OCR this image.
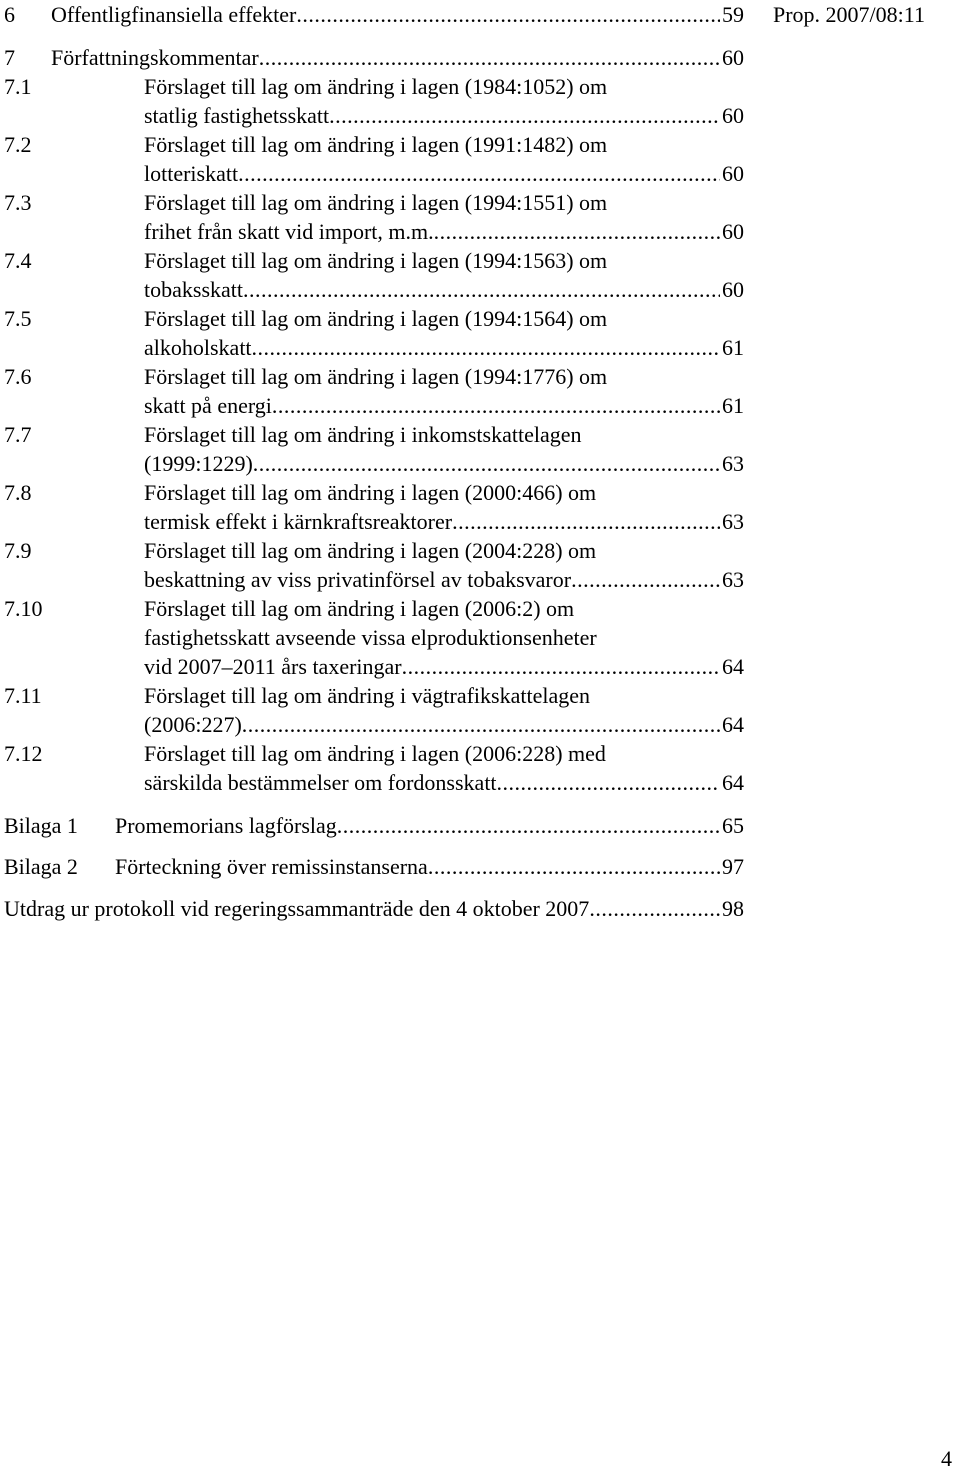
Prop. 2007/08:11
6 Offentligfinansiella effekter .....	59
7 Författningskommentar .....	60
7.1	Förslaget till lag om ändring i lagen (1984:1052) om
statlig fastighetsskatt .....	60
7.2	Förslaget till lag om ändring i lagen (1991:1482) om
lotteriskatt .....	60
7.3	Förslaget till lag om ändring i lagen (1994:1551) om
frihet från skatt vid import, m.m. .....	60
7.4	Förslaget till lag om ändring i lagen (1994:1563) om
tobaksskatt .....	60
7.5	Förslaget till lag om ändring i lagen (1994:1564) om
alkoholskatt .....	61
7.6	Förslaget till lag om ändring i lagen (1994:1776) om
skatt på energi .....	61
7.7	Förslaget till lag om ändring i inkomstskattelagen
(1999:1229) .....	63
7.8	Förslaget till lag om ändring i lagen (2000:466) om
termisk effekt i kärnkraftsreaktorer .....	63
7.9	Förslaget till lag om ändring i lagen (2004:228) om
beskattning av viss privatinförsel av tobaksvaror .....	63
7.10	Förslaget till lag om ändring i lagen (2006:2) om
fastighetsskatt avseende vissa elproduktionsenheter
vid 2007–2011 års taxeringar .....	64
7.11	Förslaget till lag om ändring i vägtrafikskattelagen
(2006:227) .....	64
7.12	Förslaget till lag om ändring i lagen (2006:228) med
särskilda bestämmelser om fordonsskatt .....	64
Bilaga 1 Promemorians lagförslag .....	65
Bilaga 2 Förteckning över remissinstanserna .....	97
Utdrag ur protokoll vid regeringssammanträde den 4 oktober 2007 .....	98
4
